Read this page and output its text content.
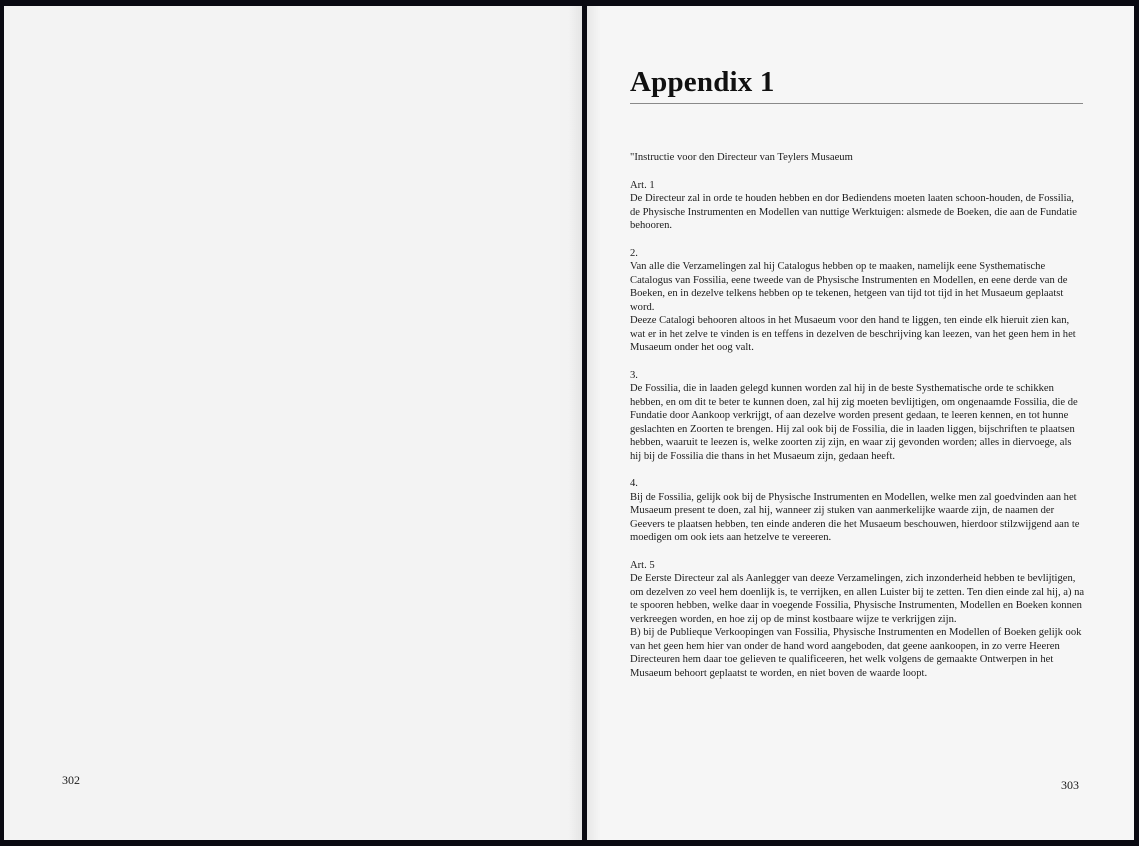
302
Appendix 1

"Instructie voor den Directeur van Teylers Musaeum

Art. 1

De Directeur zal in orde te houden hebben en dor Bediendens moeten laaten schoon-houden, de Fossilia, de Physische Instrumenten en Modellen van nuttige Werktuigen: alsmede de Boeken, die aan de Fundatie behooren.

2.

Van alle die Verzamelingen zal hij Catalogus hebben op te maaken, namelijk eene Systhematische Catalogus van Fossilia, eene tweede van de Physische Instrumenten en Modellen, en eene derde van de Boeken, en in dezelve telkens hebben op te tekenen, hetgeen van tijd tot tijd in het Musaeum geplaatst word.

Deeze Catalogi behooren altoos in het Musaeum voor den hand te liggen, ten einde elk hieruit zien kan, wat er in het zelve te vinden is en teffens in dezelven de beschrijving kan leezen, van het geen hem in het Musaeum onder het oog valt.

3.

De Fossilia, die in laaden gelegd kunnen worden zal hij in de beste Systhematische orde te schikken hebben, en om dit te beter te kunnen doen, zal hij zig moeten bevlijtigen, om ongenaamde Fossilia, die de Fundatie door Aankoop verkrijgt, of aan dezelve worden present gedaan, te leeren kennen, en tot hunne geslachten en Zoorten te brengen. Hij zal ook bij de Fossilia, die in laaden liggen, bijschriften te plaatsen hebben, waaruit te leezen is, welke zoorten zij zijn, en waar zij gevonden worden; alles in diervoege, als hij bij de Fossilia die thans in het Musaeum zijn, gedaan heeft.

4.

Bij de Fossilia, gelijk ook bij de Physische Instrumenten en Modellen, welke men zal goedvinden aan het Musaeum present te doen, zal hij, wanneer zij stuken van aanmerkelijke waarde zijn, de naamen der Geevers te plaatsen hebben, ten einde anderen die het Musaeum beschouwen, hierdoor stilzwijgend aan te moedigen om ook iets aan hetzelve te vereeren.

Art. 5

De Eerste Directeur zal als Aanlegger van deeze Verzamelingen, zich inzonderheid hebben te bevlijtigen, om dezelven zo veel hem doenlijk is, te verrijken, en allen Luister bij te zetten. Ten dien einde zal hij, a) na te spooren hebben, welke daar in voegende Fossilia, Physische Instrumenten, Modellen en Boeken konnen verkreegen worden, en hoe zij op de minst kostbaare wijze te verkrijgen zijn.

B) bij de Publieque Verkoopingen van Fossilia, Physische Instrumenten en Modellen of Boeken gelijk ook van het geen hem hier van onder de hand word aangeboden, dat geene aankoopen, in zo verre Heeren Directeuren hem daar toe gelieven te qualificeeren, het welk volgens de gemaakte Ontwerpen in het Musaeum behoort geplaatst te worden, en niet boven de waarde loopt.

303
